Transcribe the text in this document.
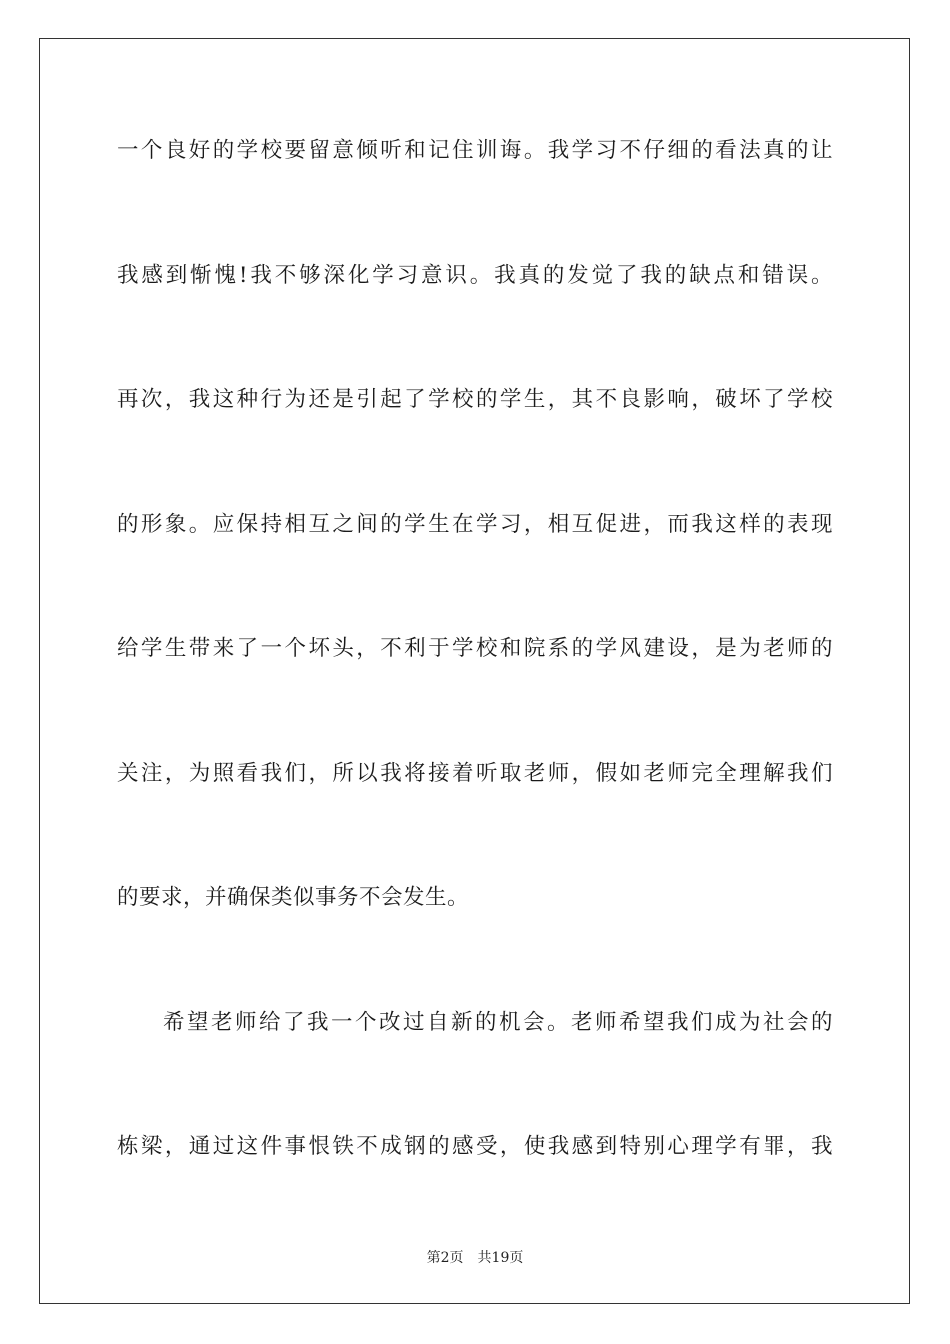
一个良好的学校要留意倾听和记住训诲。我学习不仔细的看法真的让
我感到惭愧!我不够深化学习意识。我真的发觉了我的缺点和错误。
再次，我这种行为还是引起了学校的学生，其不良影响，破坏了学校
的形象。应保持相互之间的学生在学习，相互促进，而我这样的表现
给学生带来了一个坏头，不利于学校和院系的学风建设，是为老师的
关注，为照看我们，所以我将接着听取老师，假如老师完全理解我们
的要求，并确保类似事务不会发生。
希望老师给了我一个改过自新的机会。老师希望我们成为社会的
栋梁，通过这件事恨铁不成钢的感受，使我感到特别心理学有罪，我
第2页 共19页
